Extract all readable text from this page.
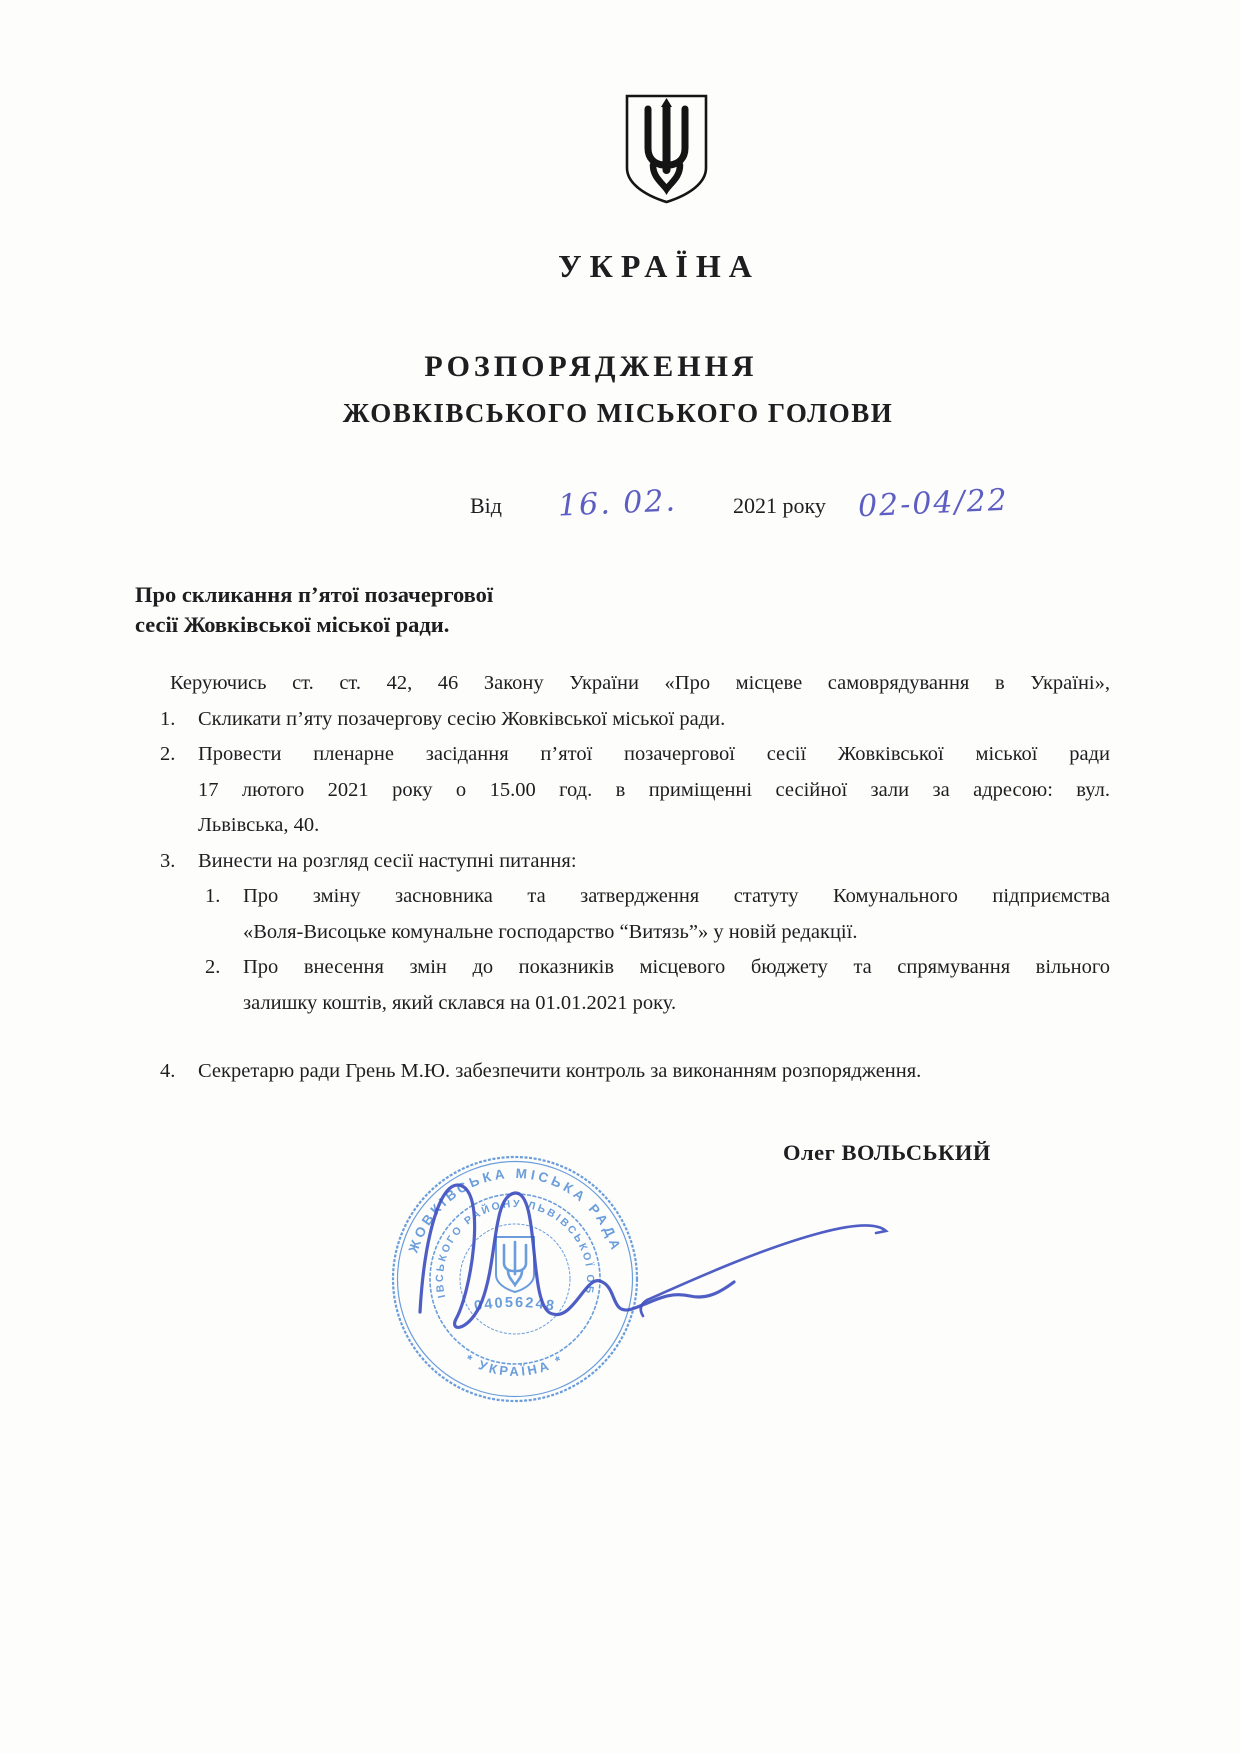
УКРАЇНА
РОЗПОРЯДЖЕННЯ
ЖОВКІВСЬКОГО МІСЬКОГО ГОЛОВИ
Від 16. 02.	2021 року 02-04/22
Про скликання п’ятої позачергової
сесії Жовківської міської ради.

Керуючись ст. ст. 42, 46 Закону України «Про місцеве самоврядування в Україні»,

1. Скликати п’яту позачергову сесію Жовківської міської ради.
2. Провести пленарне засідання п’ятої позачергової сесії Жовківської міської ради
17 лютого 2021 року о 15.00 год. в приміщенні сесійної зали за адресою: вул.
Львівська, 40.
3. Винести на розгляд сесії наступні питання:
1. Про зміну засновника та затвердження статуту Комунального підприємства
«Воля-Висоцьке комунальне господарство “Витязь”» у новій редакції.
2. Про внесення змін до показників місцевого бюджету та спрямування вільного
залишку коштів, який склався на 01.01.2021 року.
4. Секретарю ради Грень М.Ю. забезпечити контроль за виконанням розпорядження.
ЖОВКІВСЬКА МІСЬКА РАДА
ЖОВКІВСЬКОГО РАЙОНУ ЛЬВІВСЬКОЇ ОБЛАСТІ
* УКРАЇНА *
04056248
Олег ВОЛЬСЬКИЙ
